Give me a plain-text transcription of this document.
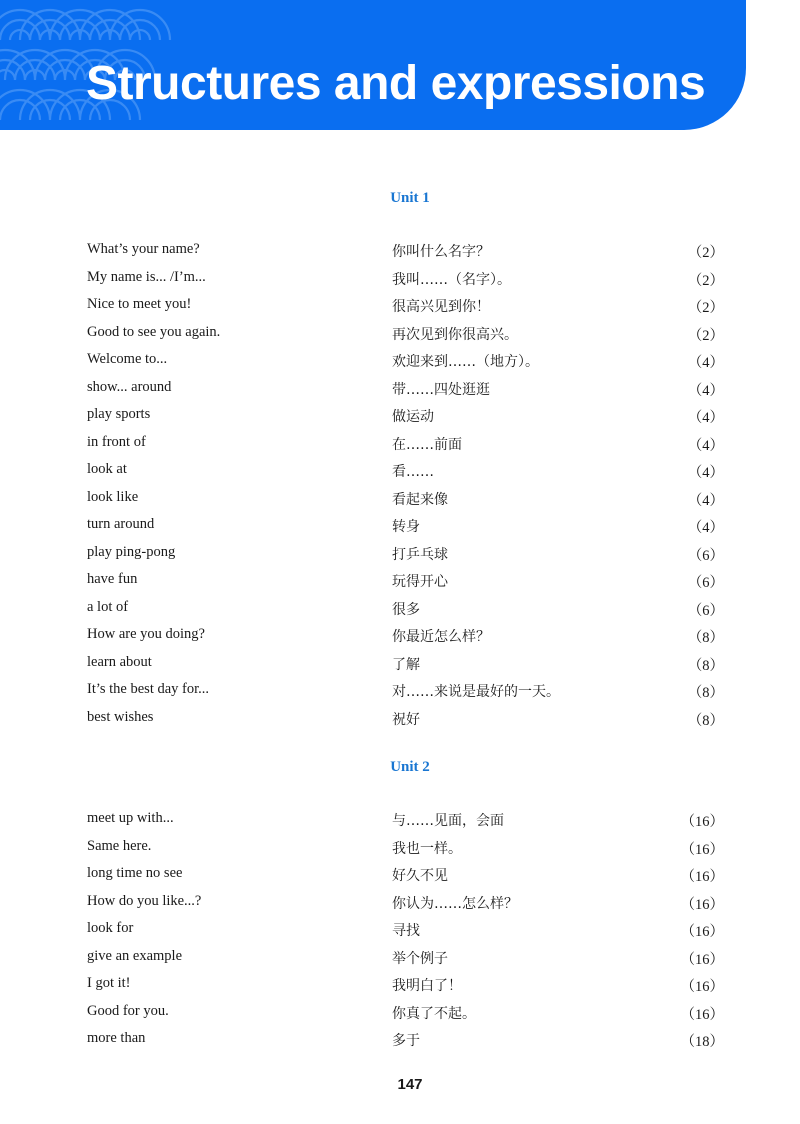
Structures and expressions
Unit 1
What’s your name?	你叫什么名字？	（2）
My name is... /I’m...	我叫……（名字）。	（2）
Nice to meet you!	很高兴见到你！	（2）
Good to see you again.	再次见到你很高兴。	（2）
Welcome to...	欢迎来到……（地方）。	（4）
show... around	带……四处逛逛	（4）
play sports	做运动	（4）
in front of	在……前面	（4）
look at	看……	（4）
look like	看起来像	（4）
turn around	转身	（4）
play ping-pong	打乒乓球	（6）
have fun	玩得开心	（6）
a lot of	很多	（6）
How are you doing?	你最近怎么样？	（8）
learn about	了解	（8）
It’s the best day for...	对……来说是最好的一天。	（8）
best wishes	祝好	（8）
Unit 2
meet up with...	与……见面，会面	（16）
Same here.	我也一样。	（16）
long time no see	好久不见	（16）
How do you like...?	你认为……怎么样？	（16）
look for	寻找	（16）
give an example	举个例子	（16）
I got it!	我明白了！	（16）
Good for you.	你真了不起。	（16）
more than	多于	（18）
147
